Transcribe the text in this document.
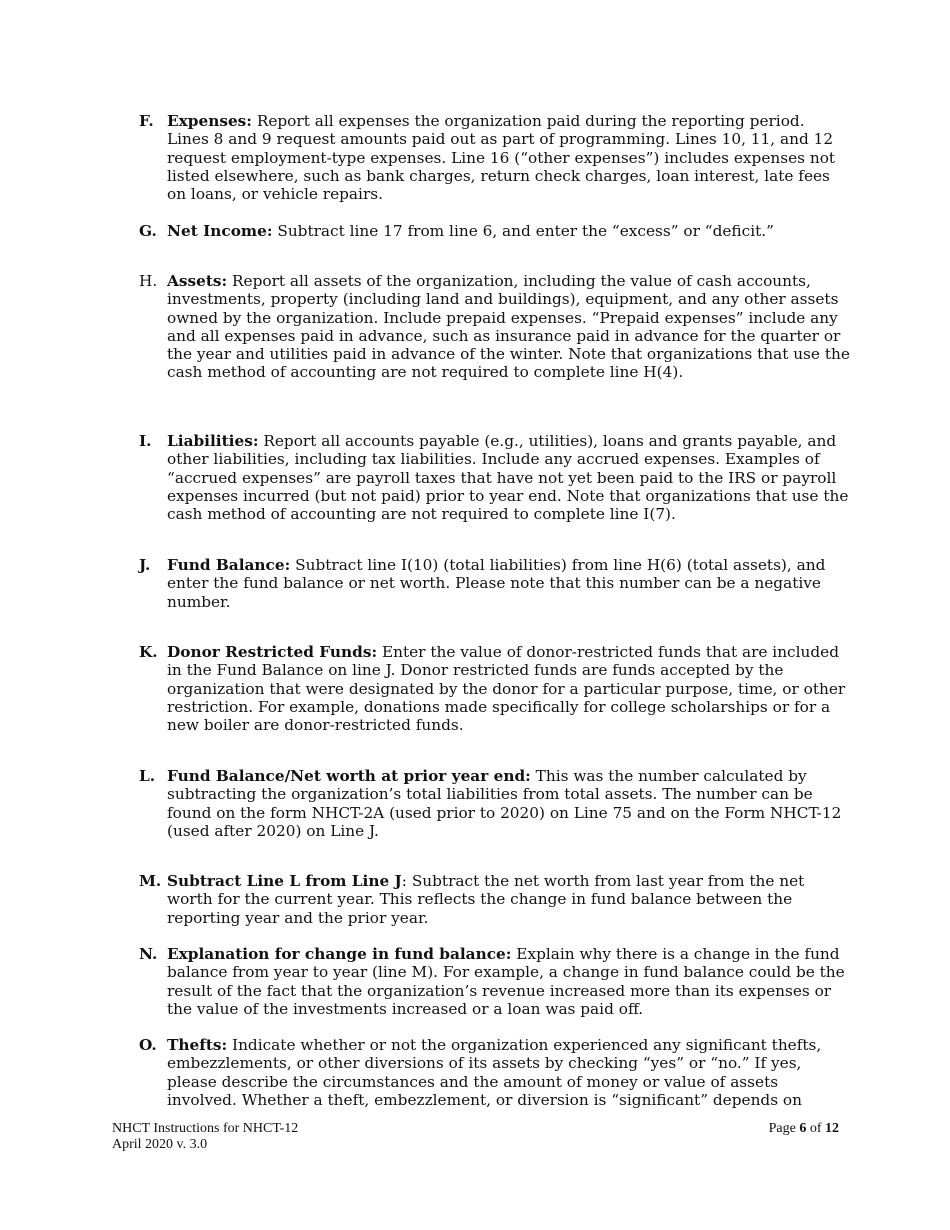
F. Expenses: Report all expenses the organization paid during the reporting period. Lines 8 and 9 request amounts paid out as part of programming. Lines 10, 11, and 12 request employment-type expenses. Line 16 (“other expenses”) includes expenses not listed elsewhere, such as bank charges, return check charges, loan interest, late fees on loans, or vehicle repairs.
G. Net Income: Subtract line 17 from line 6, and enter the “excess” or “deficit.”
H. Assets: Report all assets of the organization, including the value of cash accounts, investments, property (including land and buildings), equipment, and any other assets owned by the organization. Include prepaid expenses. “Prepaid expenses” include any and all expenses paid in advance, such as insurance paid in advance for the quarter or the year and utilities paid in advance of the winter. Note that organizations that use the cash method of accounting are not required to complete line H(4).
I.	Liabilities: Report all accounts payable (e.g., utilities), loans and grants payable, and other liabilities, including tax liabilities. Include any accrued expenses. Examples of “accrued expenses” are payroll taxes that have not yet been paid to the IRS or payroll expenses incurred (but not paid) prior to year end. Note that organizations that use the cash method of accounting are not required to complete line I(7).
J.	Fund Balance: Subtract line I(10) (total liabilities) from line H(6) (total assets), and enter the fund balance or net worth. Please note that this number can be a negative number.
K. Donor Restricted Funds: Enter the value of donor-restricted funds that are included in the Fund Balance on line J. Donor restricted funds are funds accepted by the organization that were designated by the donor for a particular purpose, time, or other restriction. For example, donations made specifically for college scholarships or for a new boiler are donor-restricted funds.
L. Fund Balance/Net worth at prior year end: This was the number calculated by subtracting the organization’s total liabilities from total assets. The number can be found on the form NHCT-2A (used prior to 2020) on Line 75 and on the Form NHCT-12 (used after 2020) on Line J.
M. Subtract Line L from Line J: Subtract the net worth from last year from the net worth for the current year. This reflects the change in fund balance between the reporting year and the prior year.
N. Explanation for change in fund balance: Explain why there is a change in the fund balance from year to year (line M). For example, a change in fund balance could be the result of the fact that the organization’s revenue increased more than its expenses or the value of the investments increased or a loan was paid off.
O. Thefts: Indicate whether or not the organization experienced any significant thefts, embezzlements, or other diversions of its assets by checking “yes” or “no.” If yes, please describe the circumstances and the amount of money or value of assets involved. Whether a theft, embezzlement, or diversion is “significant” depends on
NHCT Instructions for NHCT-12
April 2020 v. 3.0
Page 6 of 12
